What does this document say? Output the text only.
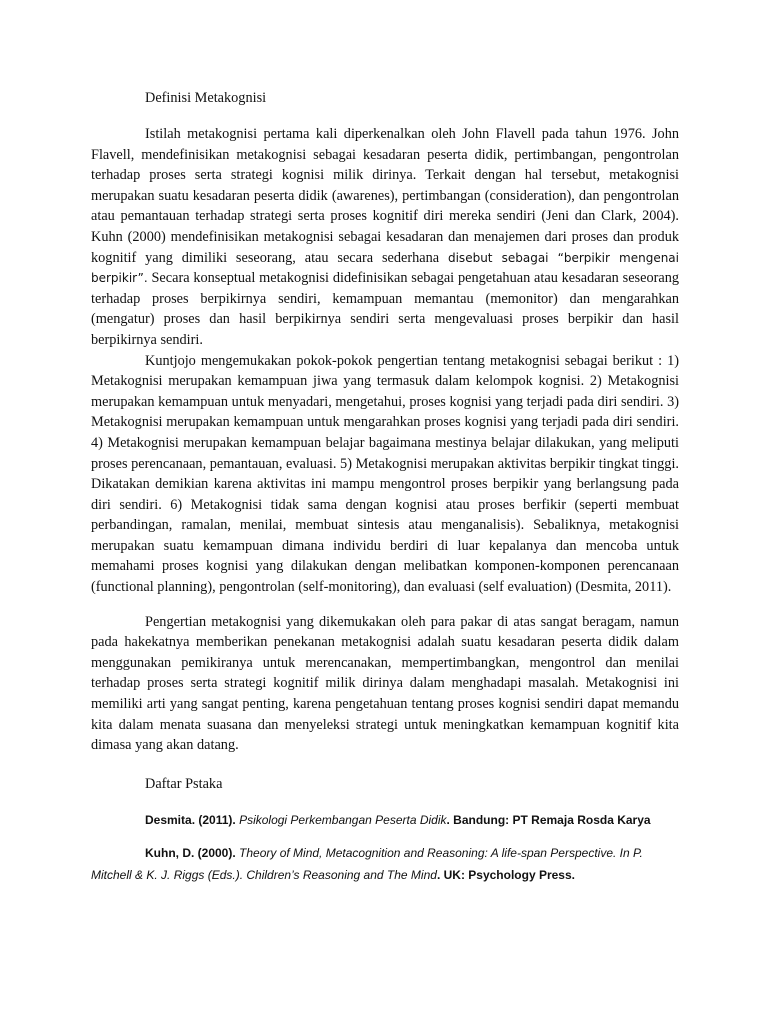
Definisi Metakognisi

Istilah metakognisi pertama kali diperkenalkan oleh John Flavell pada tahun 1976. John Flavell, mendefinisikan metakognisi sebagai kesadaran peserta didik, pertimbangan, pengontrolan terhadap proses serta strategi kognisi milik dirinya. Terkait dengan hal tersebut, metakognisi merupakan suatu kesadaran peserta didik (awarenes), pertimbangan (consideration), dan pengontrolan atau pemantauan terhadap strategi serta proses kognitif diri mereka sendiri (Jeni dan Clark, 2004). Kuhn (2000) mendefinisikan metakognisi sebagai kesadaran dan menajemen dari proses dan produk kognitif yang dimiliki seseorang, atau secara sederhana disebut sebagai “berpikir mengenai berpikir”. Secara konseptual metakognisi didefinisikan sebagai pengetahuan atau kesadaran seseorang terhadap proses berpikirnya sendiri, kemampuan memantau (memonitor) dan mengarahkan (mengatur) proses dan hasil berpikirnya sendiri serta mengevaluasi proses berpikir dan hasil berpikirnya sendiri.

Kuntjojo mengemukakan pokok-pokok pengertian tentang metakognisi sebagai berikut : 1) Metakognisi merupakan kemampuan jiwa yang termasuk dalam kelompok kognisi. 2) Metakognisi merupakan kemampuan untuk menyadari, mengetahui, proses kognisi yang terjadi pada diri sendiri. 3) Metakognisi merupakan kemampuan untuk mengarahkan proses kognisi yang terjadi pada diri sendiri. 4) Metakognisi merupakan kemampuan belajar bagaimana mestinya belajar dilakukan, yang meliputi proses perencanaan, pemantauan, evaluasi. 5) Metakognisi merupakan aktivitas berpikir tingkat tinggi. Dikatakan demikian karena aktivitas ini mampu mengontrol proses berpikir yang berlangsung pada diri sendiri. 6) Metakognisi tidak sama dengan kognisi atau proses berfikir (seperti membuat perbandingan, ramalan, menilai, membuat sintesis atau menganalisis). Sebaliknya, metakognisi merupakan suatu kemampuan dimana individu berdiri di luar kepalanya dan mencoba untuk memahami proses kognisi yang dilakukan dengan melibatkan komponen-komponen perencanaan (functional planning), pengontrolan (self-monitoring), dan evaluasi (self evaluation) (Desmita, 2011).

Pengertian metakognisi yang dikemukakan oleh para pakar di atas sangat beragam, namun pada hakekatnya memberikan penekanan metakognisi adalah suatu kesadaran peserta didik dalam menggunakan pemikiranya untuk merencanakan, mempertimbangkan, mengontrol dan menilai terhadap proses serta strategi kognitif milik dirinya dalam menghadapi masalah. Metakognisi ini memiliki arti yang sangat penting, karena pengetahuan tentang proses kognisi sendiri dapat memandu kita dalam menata suasana dan menyeleksi strategi untuk meningkatkan kemampuan kognitif kita dimasa yang akan datang.

Daftar Pstaka

Desmita. (2011). Psikologi Perkembangan Peserta Didik. Bandung: PT Remaja Rosda Karya

Kuhn, D. (2000). Theory of Mind, Metacognition and Reasoning: A life-span Perspective. In P. Mitchell & K. J. Riggs (Eds.). Children’s Reasoning and The Mind. UK: Psychology Press.
